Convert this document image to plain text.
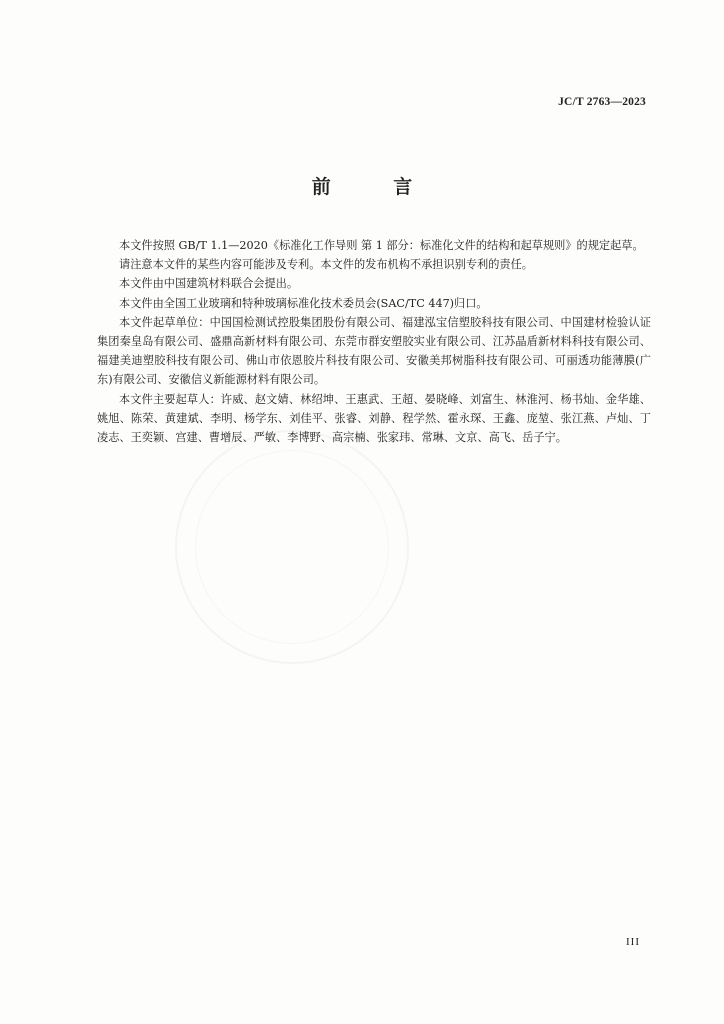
JC/T 2763—2023
前 言

本文件按照 GB/T 1.1—2020《标准化工作导则 第 1 部分：标准化文件的结构和起草规则》的规定起草。

请注意本文件的某些内容可能涉及专利。本文件的发布机构不承担识别专利的责任。

本文件由中国建筑材料联合会提出。

本文件由全国工业玻璃和特种玻璃标准化技术委员会(SAC/TC 447)归口。

本文件起草单位：中国国检测试控股集团股份有限公司、福建泓宝信塑胶科技有限公司、中国建材检验认证集团秦皇岛有限公司、盛鼎高新材料有限公司、东莞市群安塑胶实业有限公司、江苏晶盾新材料科技有限公司、福建美迪塑胶科技有限公司、佛山市依恩胶片科技有限公司、安徽美邦树脂科技有限公司、可丽透功能薄膜(广东)有限公司、安徽信义新能源材料有限公司。

本文件主要起草人：许威、赵文婧、林绍坤、王惠武、王超、晏晓峰、刘富生、林淮河、杨书灿、金华雄、姚旭、陈荣、黄建斌、李明、杨学东、刘佳平、张睿、刘静、程学然、霍永琛、王鑫、庞堃、张江燕、卢灿、丁凌志、王奕颖、宫建、曹增辰、严敏、李博野、高宗楠、张家玮、常琳、文京、高飞、岳子宁。

III
